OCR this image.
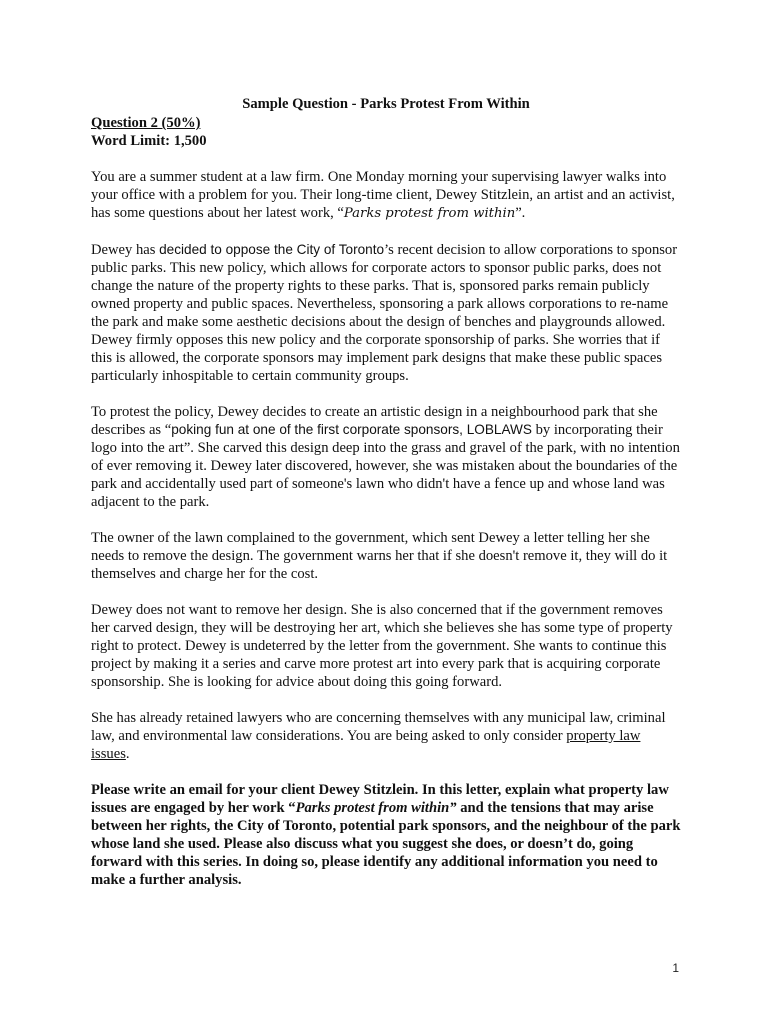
Sample Question - Parks Protest From Within

Question 2 (50%)

Word Limit: 1,500

You are a summer student at a law firm. One Monday morning your supervising lawyer walks into your office with a problem for you. Their long-time client, Dewey Stitzlein, an artist and an activist, has some questions about her latest work, “Parks protest from within”.

Dewey has decided to oppose the City of Toronto’s recent decision to allow corporations to sponsor public parks. This new policy, which allows for corporate actors to sponsor public parks, does not change the nature of the property rights to these parks. That is, sponsored parks remain publicly owned property and public spaces. Nevertheless, sponsoring a park allows corporations to re-name the park and make some aesthetic decisions about the design of benches and playgrounds allowed. Dewey firmly opposes this new policy and the corporate sponsorship of parks. She worries that if this is allowed, the corporate sponsors may implement park designs that make these public spaces particularly inhospitable to certain community groups.

To protest the policy, Dewey decides to create an artistic design in a neighbourhood park that she describes as “poking fun at one of the first corporate sponsors, LOBLAWS by incorporating their logo into the art”. She carved this design deep into the grass and gravel of the park, with no intention of ever removing it. Dewey later discovered, however, she was mistaken about the boundaries of the park and accidentally used part of someone's lawn who didn't have a fence up and whose land was adjacent to the park.

The owner of the lawn complained to the government, which sent Dewey a letter telling her she needs to remove the design. The government warns her that if she doesn't remove it, they will do it themselves and charge her for the cost.

Dewey does not want to remove her design. She is also concerned that if the government removes her carved design, they will be destroying her art, which she believes she has some type of property right to protect. Dewey is undeterred by the letter from the government. She wants to continue this project by making it a series and carve more protest art into every park that is acquiring corporate sponsorship. She is looking for advice about doing this going forward.

She has already retained lawyers who are concerning themselves with any municipal law, criminal law, and environmental law considerations. You are being asked to only consider property law issues.

Please write an email for your client Dewey Stitzlein. In this letter, explain what property law issues are engaged by her work “Parks protest from within” and the tensions that may arise between her rights, the City of Toronto, potential park sponsors, and the neighbour of the park whose land she used. Please also discuss what you suggest she does, or doesn’t do, going forward with this series. In doing so, please identify any additional information you need to make a further analysis.

1
